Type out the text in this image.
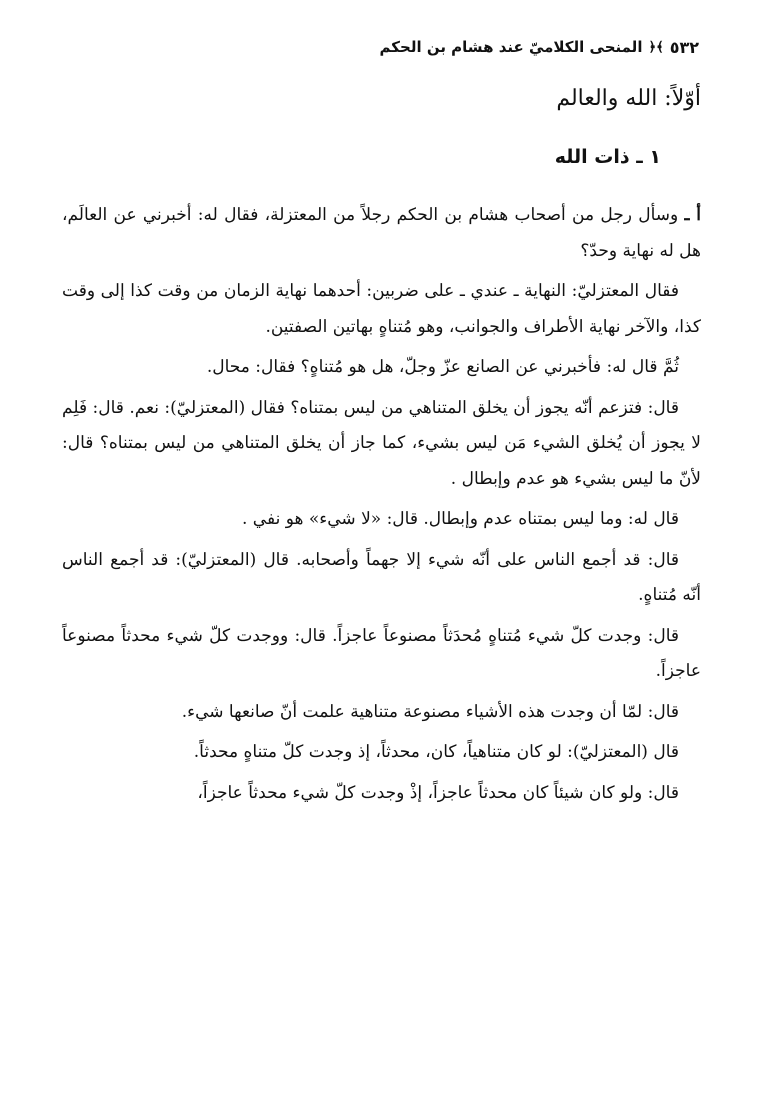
٥٣٢
﴾﴿
المنحى الكلاميّ عند هشام بن الحكم
أوّلاً: الله والعالم
١ ـ ذات الله

أ ـ وسأل رجل من أصحاب هشام بن الحكم رجلاً من المعتزلة، فقال له: أخبرني عن العالَم، هل له نهاية وحدّ؟

فقال المعتزليّ: النهاية ـ عندي ـ على ضربين: أحدهما نهاية الزمان من وقت كذا إلى وقت كذا، والآخر نهاية الأطراف والجوانب، وهو مُتناهٍ بهاتين الصفتين.

ثُمَّ قال له: فأخبرني عن الصانع عزّ وجلّ، هل هو مُتناهٍ؟ فقال: محال.

قال: فتزعم أنّه يجوز أن يخلق المتناهي من ليس بمتناه؟ فقال (المعتزليّ): نعم. قال: فَلِم لا يجوز أن يُخلق الشيء مَن ليس بشيء، كما جاز أن يخلق المتناهي من ليس بمتناه؟ قال: لأنّ ما ليس بشيء هو عدم وإبطال .

قال له: وما ليس بمتناه عدم وإبطال. قال: «لا شيء» هو نفي .

قال: قد أجمع الناس على أنّه شيء إلا جهماً وأصحابه. قال (المعتزليّ): قد أجمع الناس أنّه مُتناهٍ.

قال: وجدت كلّ شيء مُتناهٍ مُحدَثاً مصنوعاً عاجزاً. قال: ووجدت كلّ شيء محدثاً مصنوعاً عاجزاً.

قال: لمّا أن وجدت هذه الأشياء مصنوعة متناهية علمت أنّ صانعها شيء.

قال (المعتزليّ): لو كان متناهياً، كان، محدثاً، إذ وجدت كلّ متناهٍ محدثاً.

قال: ولو كان شيئاً كان محدثاً عاجزاً، إذْ وجدت كلّ شيء محدثاً عاجزاً،
